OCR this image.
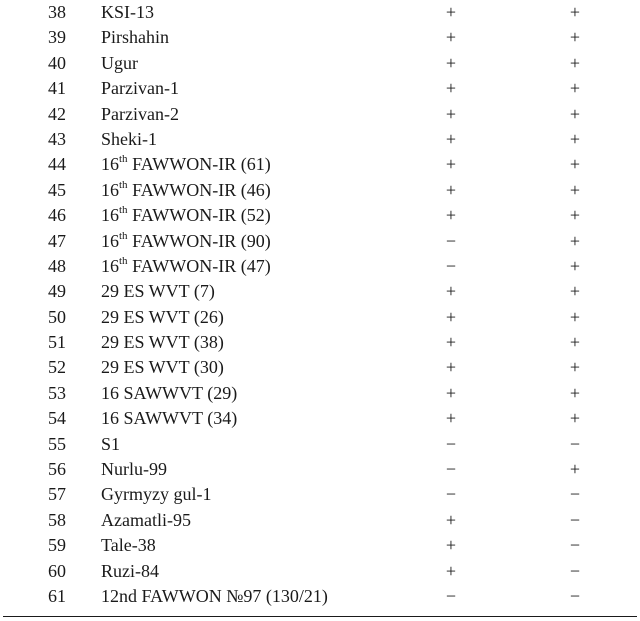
38 KSI-13	+	+
39 Pirshahin	+	+
40 Ugur	+	+
41 Parzivan-1	+	+
42 Parzivan-2	+	+
43 Sheki-1	+	+
44 16th FAWWON-IR (61)	+	+
45 16th FAWWON-IR (46)	+	+
46 16th FAWWON-IR (52)	+	+
47 16th FAWWON-IR (90)	−	+
48 16th FAWWON-IR (47)	−	+
49 29 ES WVT (7)	+	+
50 29 ES WVT (26)	+	+
51 29 ES WVT (38)	+	+
52 29 ES WVT (30)	+	+
53 16 SAWWVT (29)	+	+
54 16 SAWWVT (34)	+	+
55 S1	−	−
56 Nurlu-99	−	+
57 Gyrmyzy gul-1	−	−
58 Azamatli-95	+	−
59 Tale-38	+	−
60 Ruzi-84	+	−
61 12nd FAWWON №97 (130/21)	−	−
